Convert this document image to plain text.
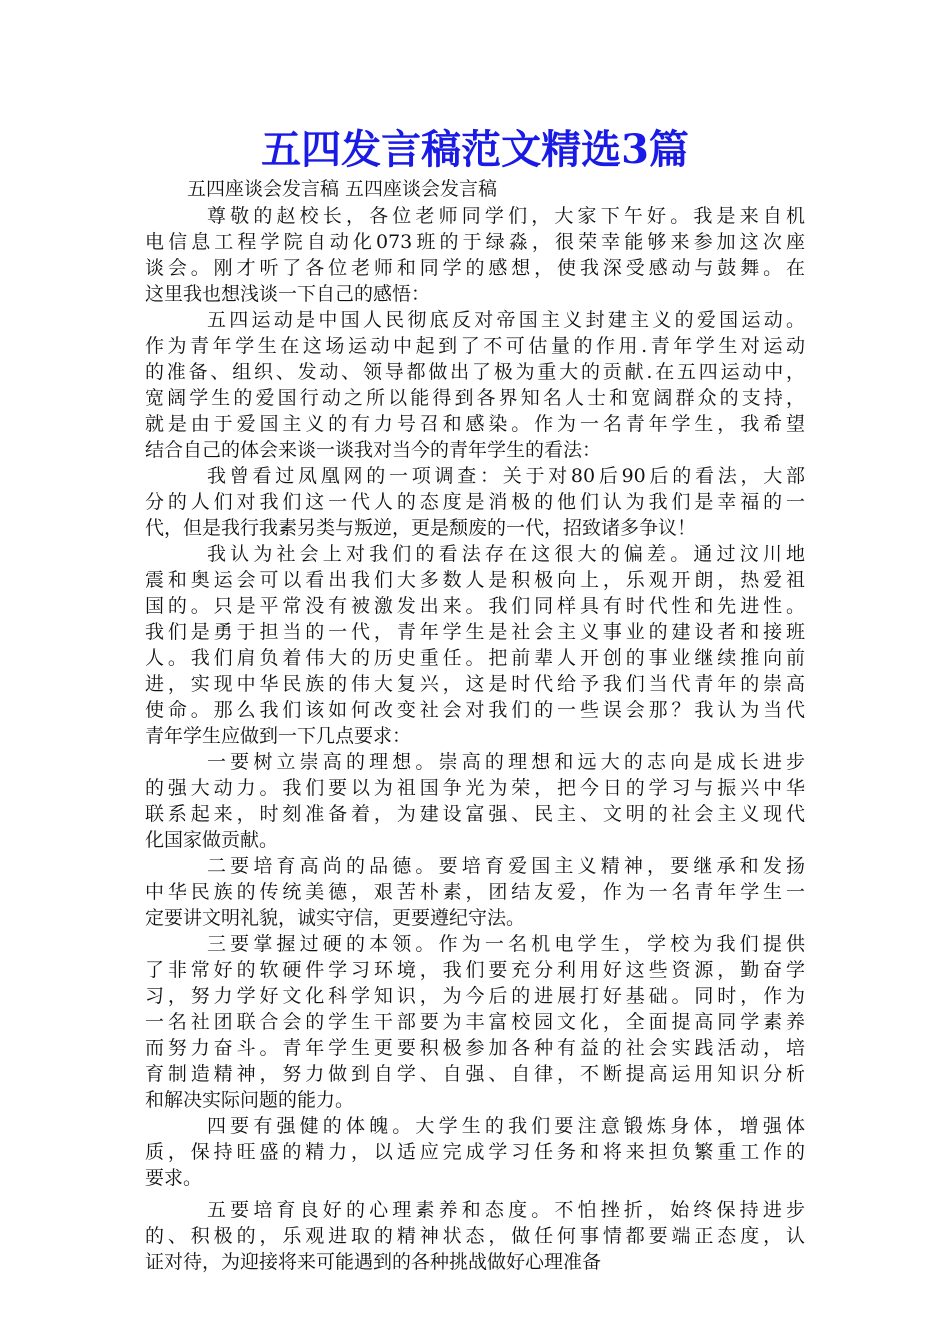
五四发言稿范文精选3篇
五四座谈会发言稿 五四座谈会发言稿

尊敬的赵校长，各位老师同学们，大家下午好。我是来自机
电信息工程学院自动化073班的于绿淼，很荣幸能够来参加这次座
谈会。刚才听了各位老师和同学的感想，使我深受感动与鼓舞。在
这里我也想浅谈一下自己的感悟：

五四运动是中国人民彻底反对帝国主义封建主义的爱国运动。
作为青年学生在这场运动中起到了不可估量的作用.青年学生对运动
的准备、组织、发动、领导都做出了极为重大的贡献.在五四运动中，
宽阔学生的爱国行动之所以能得到各界知名人士和宽阔群众的支持，
就是由于爱国主义的有力号召和感染。作为一名青年学生，我希望
结合自己的体会来谈一谈我对当今的青年学生的看法：

我曾看过凤凰网的一项调查：关于对80后90后的看法，大部
分的人们对我们这一代人的态度是消极的他们认为我们是幸福的一
代，但是我行我素另类与叛逆，更是颓废的一代，招致诸多争议！

我认为社会上对我们的看法存在这很大的偏差。通过汶川地
震和奥运会可以看出我们大多数人是积极向上，乐观开朗，热爱祖
国的。只是平常没有被激发出来。我们同样具有时代性和先进性。
我们是勇于担当的一代，青年学生是社会主义事业的建设者和接班
人。我们肩负着伟大的历史重任。把前辈人开创的事业继续推向前
进，实现中华民族的伟大复兴，这是时代给予我们当代青年的崇高
使命。那么我们该如何改变社会对我们的一些误会那？我认为当代
青年学生应做到一下几点要求：

一要树立崇高的理想。崇高的理想和远大的志向是成长进步
的强大动力。我们要以为祖国争光为荣，把今日的学习与振兴中华
联系起来，时刻准备着，为建设富强、民主、文明的社会主义现代
化国家做贡献。

二要培育高尚的品德。要培育爱国主义精神，要继承和发扬
中华民族的传统美德，艰苦朴素，团结友爱，作为一名青年学生一
定要讲文明礼貌，诚实守信，更要遵纪守法。

三要掌握过硬的本领。作为一名机电学生，学校为我们提供
了非常好的软硬件学习环境，我们要充分利用好这些资源，勤奋学
习，努力学好文化科学知识，为今后的进展打好基础。同时，作为
一名社团联合会的学生干部要为丰富校园文化，全面提高同学素养
而努力奋斗。青年学生更要积极参加各种有益的社会实践活动，培
育制造精神，努力做到自学、自强、自律，不断提高运用知识分析
和解决实际问题的能力。

四要有强健的体魄。大学生的我们要注意锻炼身体，增强体
质，保持旺盛的精力，以适应完成学习任务和将来担负繁重工作的
要求。

五要培育良好的心理素养和态度。不怕挫折，始终保持进步
的、积极的，乐观进取的精神状态，做任何事情都要端正态度，认
证对待，为迎接将来可能遇到的各种挑战做好心理准备
